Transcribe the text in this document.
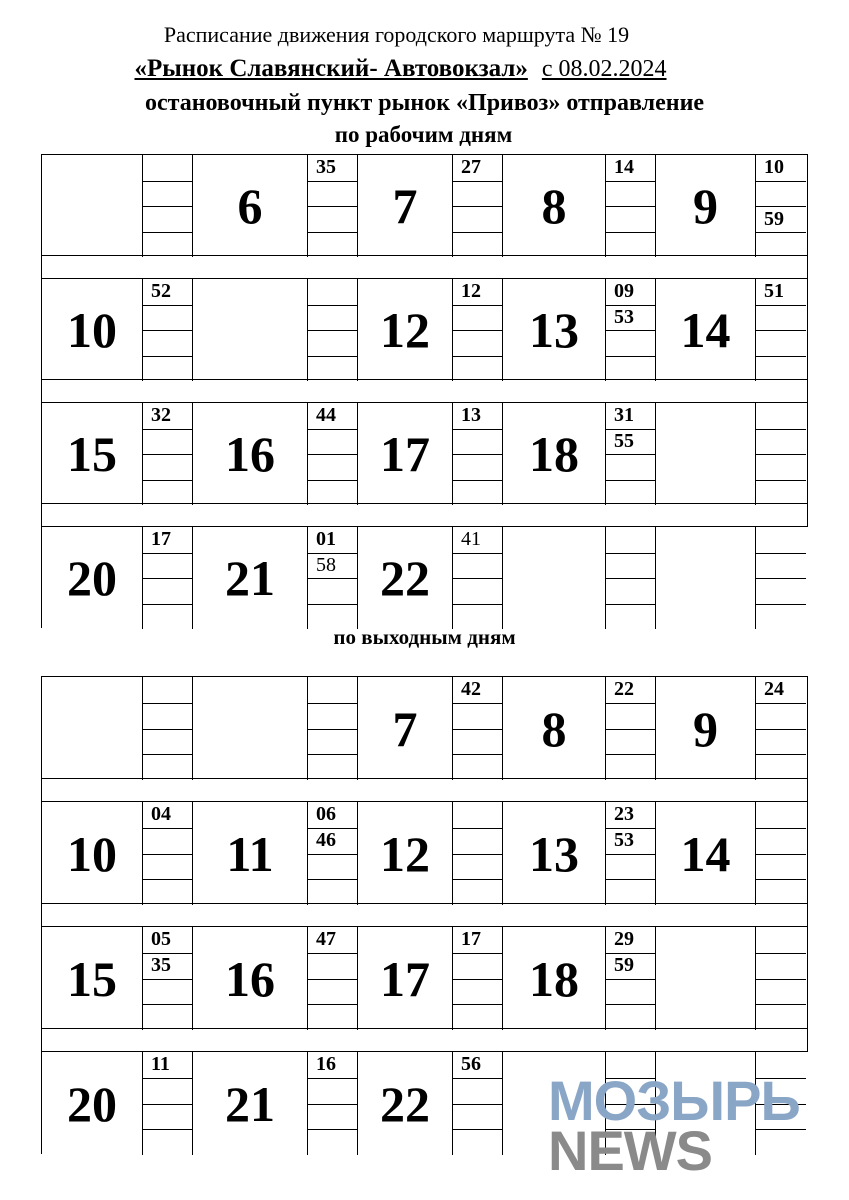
Расписание движения городского маршрута № 19
«Рынок Славянский- Автовокзал» с 08.02.2024
остановочный пункт рынок «Привоз» отправление
по рабочим дням
по выходным дням
6
35
7
27
8
14
9
10
59
10
52
12
12
13
09
53 14
51
15
32
16
44
17
13
18
31
55
20
17
21
01
58 22
41
7
42
8
22
9
24
10
04
11
06
46 12	13
23
53 14
15
05
35	16
47
17
17
18
29
59
20
11
21
16
22
56
МОЗЫРЬ
NEWS
